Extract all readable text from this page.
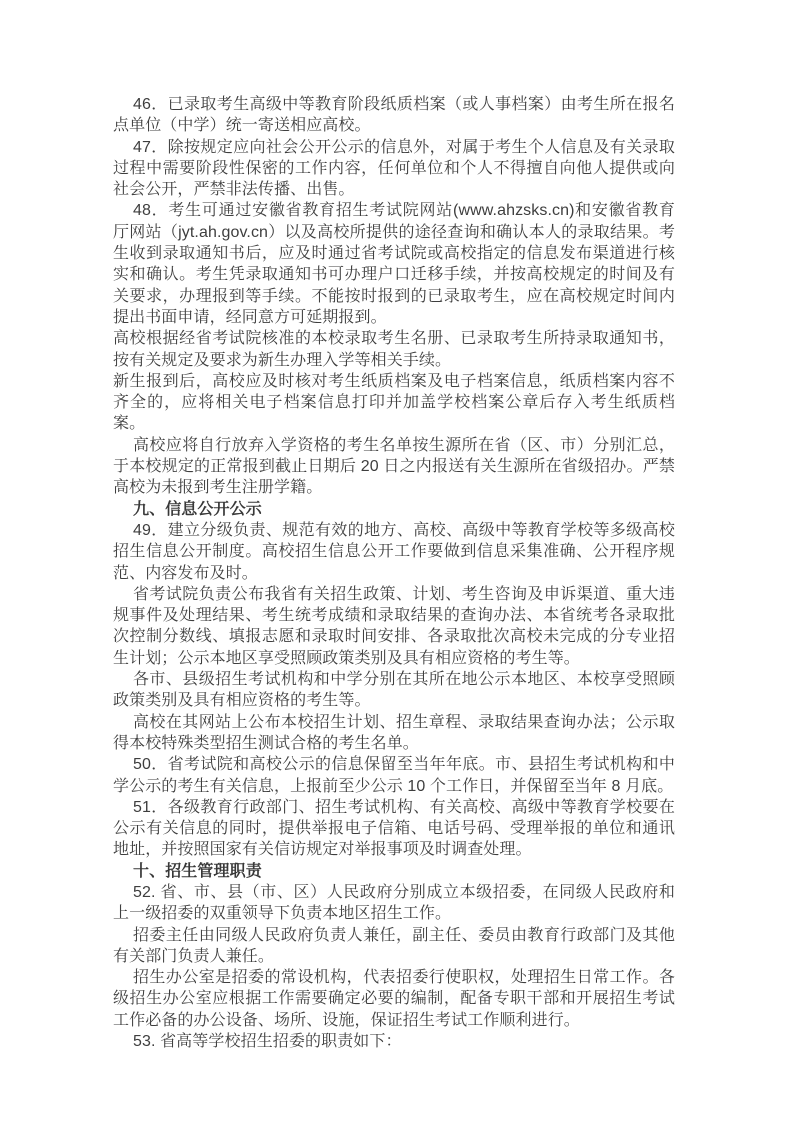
46．已录取考生高级中等教育阶段纸质档案（或人事档案）由考生所在报名点单位（中学）统一寄送相应高校。

47．除按规定应向社会公开公示的信息外，对属于考生个人信息及有关录取过程中需要阶段性保密的工作内容，任何单位和个人不得擅自向他人提供或向社会公开，严禁非法传播、出售。

48．考生可通过安徽省教育招生考试院网站(www.ahzsks.cn)和安徽省教育厅网站（jyt.ah.gov.cn）以及高校所提供的途径查询和确认本人的录取结果。考生收到录取通知书后，应及时通过省考试院或高校指定的信息发布渠道进行核实和确认。考生凭录取通知书可办理户口迁移手续，并按高校规定的时间及有关要求，办理报到等手续。不能按时报到的已录取考生，应在高校规定时间内提出书面申请，经同意方可延期报到。

高校根据经省考试院核准的本校录取考生名册、已录取考生所持录取通知书，按有关规定及要求为新生办理入学等相关手续。

新生报到后，高校应及时核对考生纸质档案及电子档案信息，纸质档案内容不齐全的，应将相关电子档案信息打印并加盖学校档案公章后存入考生纸质档案。

高校应将自行放弃入学资格的考生名单按生源所在省（区、市）分别汇总，于本校规定的正常报到截止日期后 20 日之内报送有关生源所在省级招办。严禁高校为未报到考生注册学籍。

九、信息公开公示

49．建立分级负责、规范有效的地方、高校、高级中等教育学校等多级高校招生信息公开制度。高校招生信息公开工作要做到信息采集准确、公开程序规范、内容发布及时。

省考试院负责公布我省有关招生政策、计划、考生咨询及申诉渠道、重大违规事件及处理结果、考生统考成绩和录取结果的查询办法、本省统考各录取批次控制分数线、填报志愿和录取时间安排、各录取批次高校未完成的分专业招生计划；公示本地区享受照顾政策类别及具有相应资格的考生等。

各市、县级招生考试机构和中学分别在其所在地公示本地区、本校享受照顾政策类别及具有相应资格的考生等。

高校在其网站上公布本校招生计划、招生章程、录取结果查询办法；公示取得本校特殊类型招生测试合格的考生名单。

50．省考试院和高校公示的信息保留至当年年底。市、县招生考试机构和中学公示的考生有关信息，上报前至少公示 10 个工作日，并保留至当年 8 月底。

51．各级教育行政部门、招生考试机构、有关高校、高级中等教育学校要在公示有关信息的同时，提供举报电子信箱、电话号码、受理举报的单位和通讯地址，并按照国家有关信访规定对举报事项及时调查处理。

十、招生管理职责

52. 省、市、县（市、区）人民政府分别成立本级招委，在同级人民政府和上一级招委的双重领导下负责本地区招生工作。

招委主任由同级人民政府负责人兼任，副主任、委员由教育行政部门及其他有关部门负责人兼任。

招生办公室是招委的常设机构，代表招委行使职权，处理招生日常工作。各级招生办公室应根据工作需要确定必要的编制，配备专职干部和开展招生考试工作必备的办公设备、场所、设施，保证招生考试工作顺利进行。

53. 省高等学校招生招委的职责如下：
